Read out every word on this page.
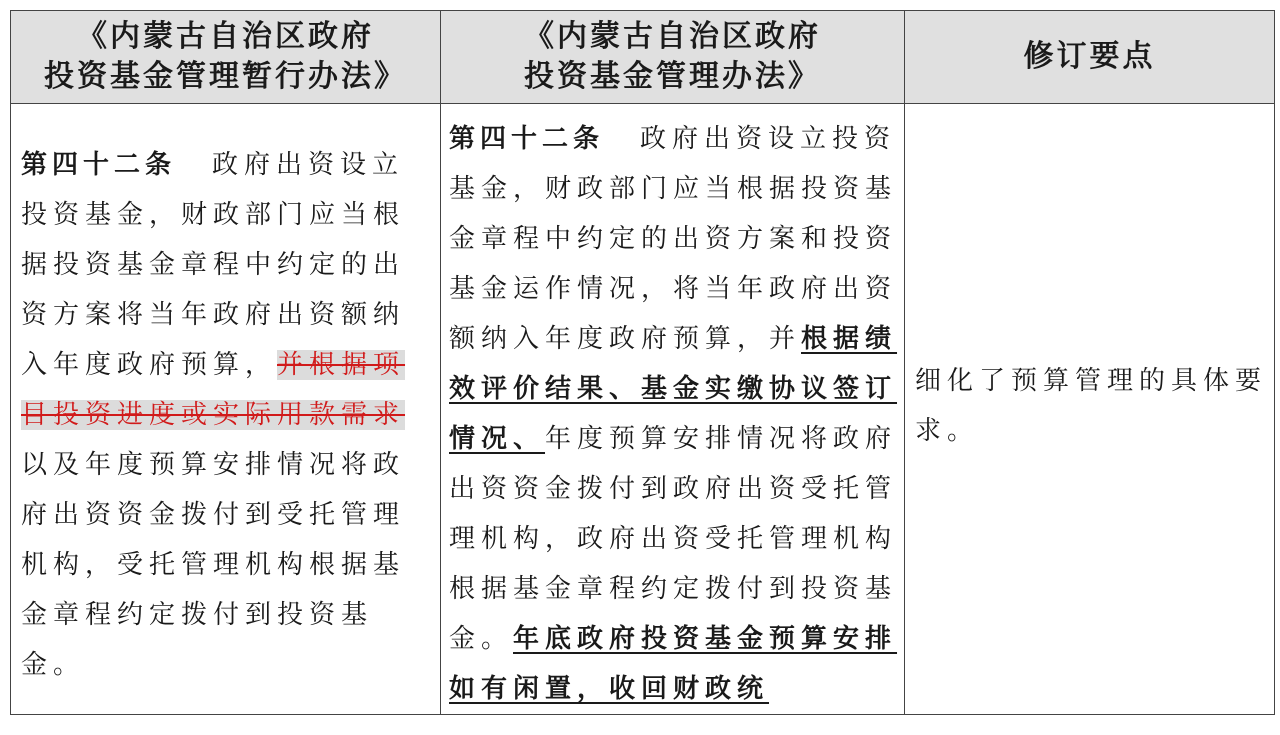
《内蒙古自治区政府
投资基金管理暂行办法》	《内蒙古自治区政府
投资基金管理办法》	修订要点

第四十二条 政府出资设立投资基金，财政部门应当根据投资基金章程中约定的出资方案将当年政府出资额纳入年度政府预算，并根据项目投资进度或实际用款需求以及年度预算安排情况将政府出资资金拨付到受托管理机构，受托管理机构根据基金章程约定拨付到投资基金。	第四十二条 政府出资设立投资基金，财政部门应当根据投资基金章程中约定的出资方案和投资基金运作情况，将当年政府出资额纳入年度政府预算，并根据绩效评价结果、基金实缴协议签订情况、年度预算安排情况将政府出资资金拨付到政府出资受托管理机构，政府出资受托管理机构根据基金章程约定拨付到投资基金。年底政府投资基金预算安排如有闲置，收回财政统	细化了预算管理的具体要求。
